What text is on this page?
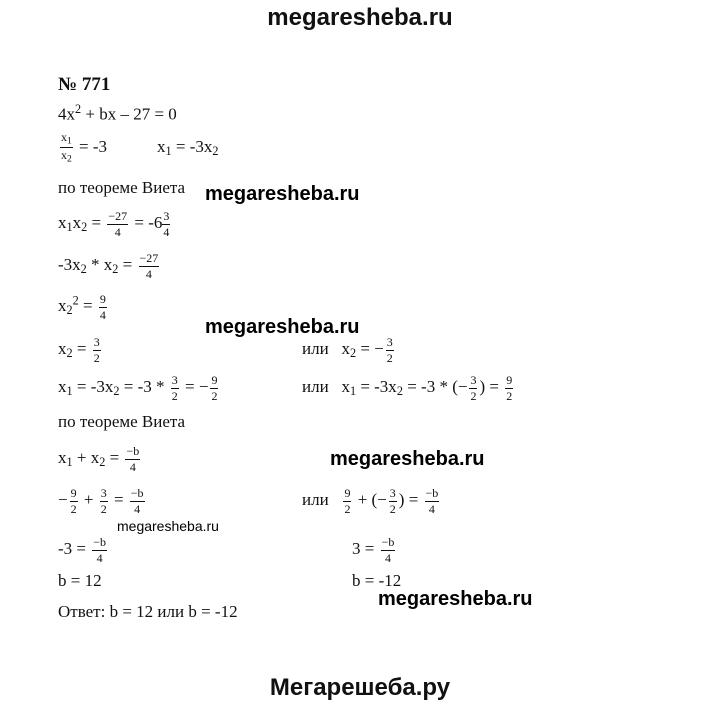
megaresheba.ru
megaresheba.ru
megaresheba.ru
megaresheba.ru
megaresheba.ru
megaresheba.ru
№ 771
$4x^2$ + bx – 27 = 0
$\frac{x_1}{x_2} = -3$	$x_1 = -3x_2$
по теореме Виета
$x_1x_2 = \frac{-27}{4} = -6 \frac{3}{4}$
$-3x_2 * x_2 = \frac{-27}{4}$
$x_2^2 = \frac{9}{4}$
$x_2 = \frac{3}{2}$	или $x_2$ = − $\frac{3}{2}$
$x_1 = -3x_2 = -3 * \frac{3}{2}$ = − $\frac{9}{2}$	или $x_1 = -3x_2 = -3$ * (− $\frac{3}{2}$ ) = $\frac{9}{2}$
по теореме Виета
$x_1 + x_2 = \frac{-b}{4}$
− $\frac{9}{2} + \frac{3}{2} = \frac{-b}{4}$	или $\frac{9}{2}$ + (− $\frac{3}{2}$ ) = $\frac{-b}{4}$
$-3 = \frac{-b}{4}$	$3 = \frac{-b}{4}$
b = 12	b = -12
Ответ: b = 12 или b = -12
Мегарешеба.ру
